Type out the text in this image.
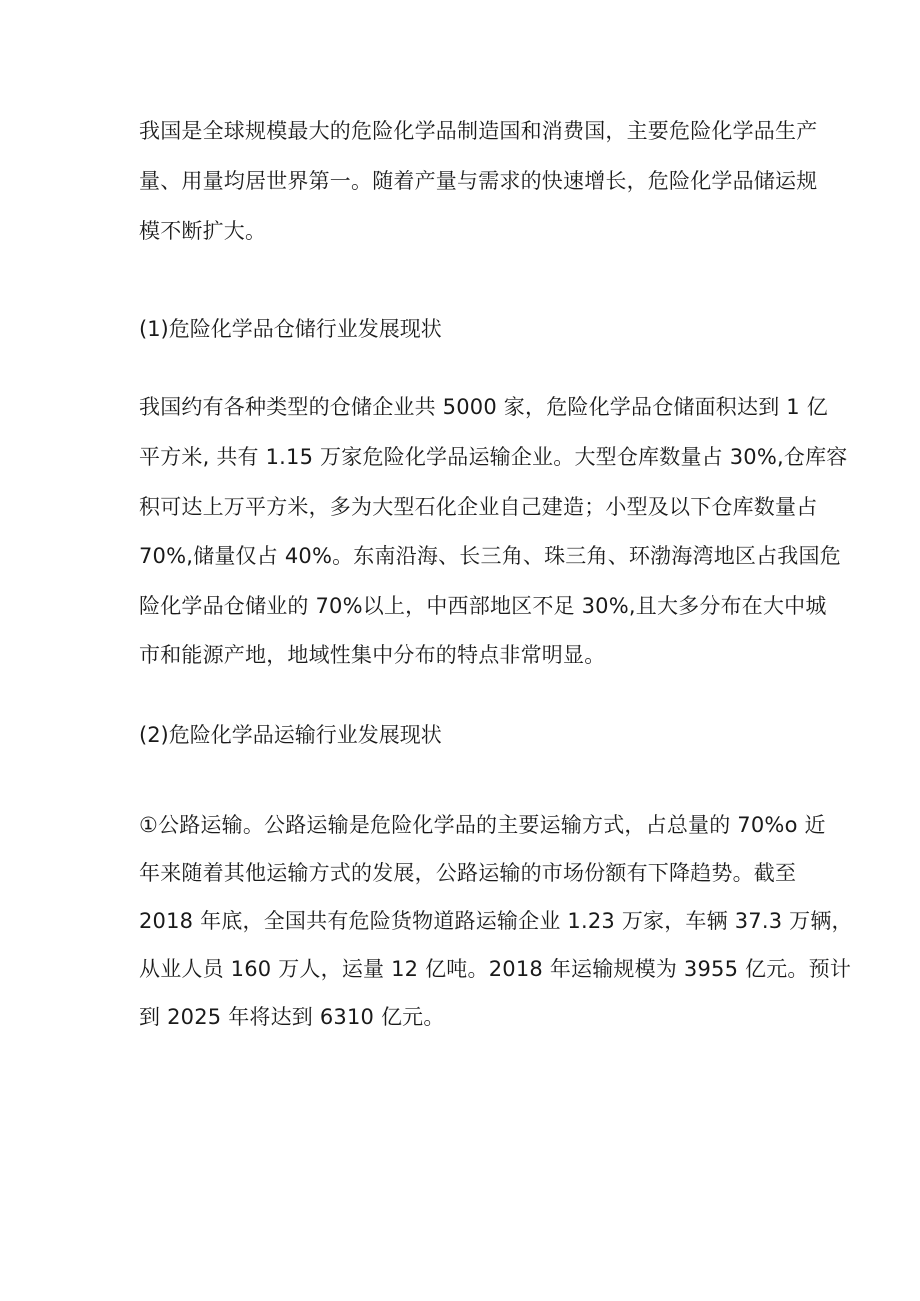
我国是全球规模最大的危险化学品制造国和消费国，主要危险化学品生产

量、用量均居世界第一。随着产量与需求的快速增长，危险化学品储运规

模不断扩大。

(1)危险化学品仓储行业发展现状

我国约有各种类型的仓储企业共 5000 家，危险化学品仓储面积达到 1 亿

平方米, 共有 1.15 万家危险化学品运输企业。大型仓库数量占 30%,仓库容

积可达上万平方米，多为大型石化企业自己建造；小型及以下仓库数量占

70%,储量仅占 40%。东南沿海、长三角、珠三角、环渤海湾地区占我国危

险化学品仓储业的 70%以上，中西部地区不足 30%,且大多分布在大中城

市和能源产地，地域性集中分布的特点非常明显。

(2)危险化学品运输行业发展现状

①公路运输。公路运输是危险化学品的主要运输方式，占总量的 70%o 近

年来随着其他运输方式的发展，公路运输的市场份额有下降趋势。截至

2018 年底，全国共有危险货物道路运输企业 1.23 万家，车辆 37.3 万辆，

从业人员 160 万人，运量 12 亿吨。2018 年运输规模为 3955 亿元。预计

到 2025 年将达到 6310 亿元。
